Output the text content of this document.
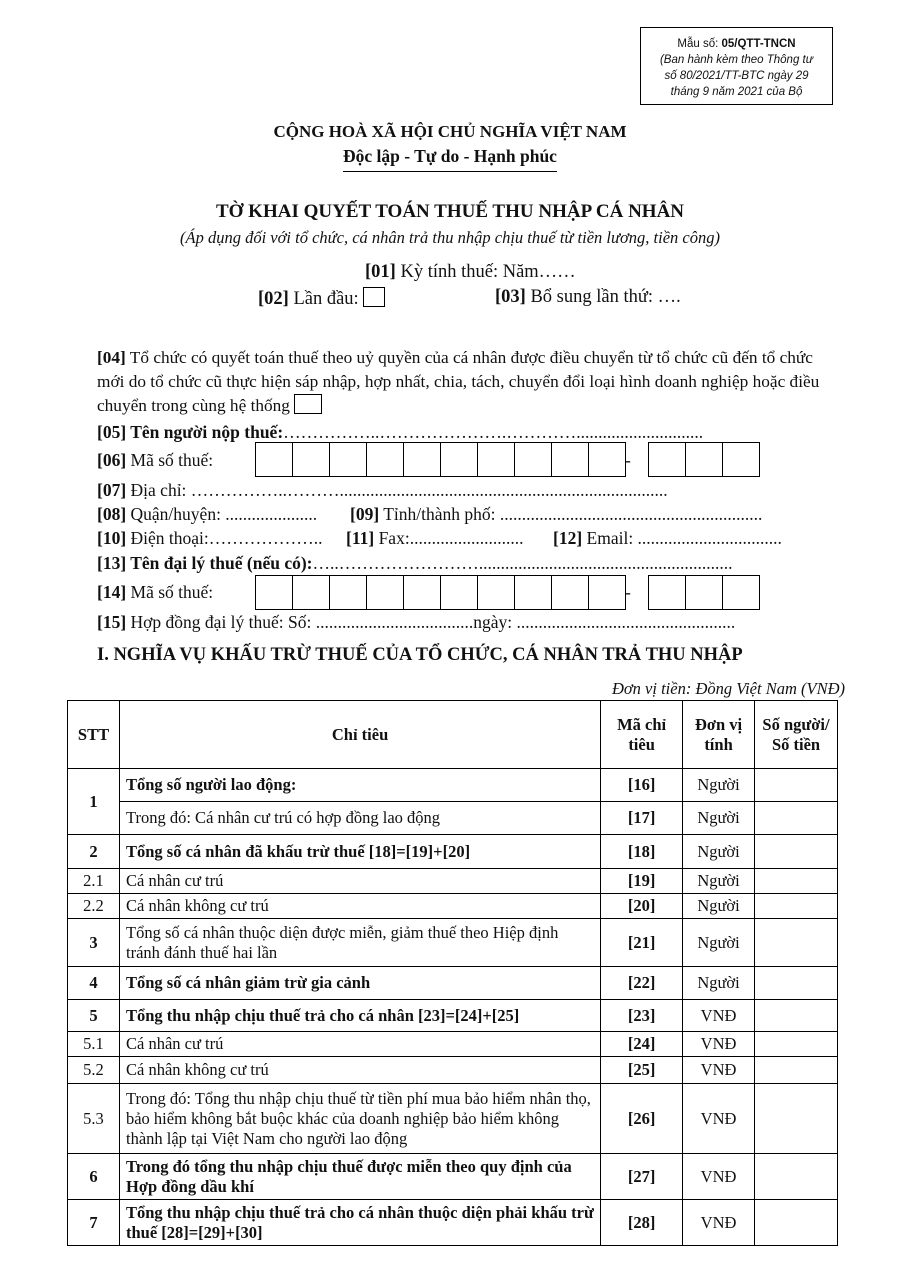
Mẫu số: 05/QTT-TNCN
(Ban hành kèm theo Thông tư
số 80/2021/TT-BTC ngày 29
tháng 9 năm 2021 của Bộ
CỘNG HOÀ XÃ HỘI CHỦ NGHĨA VIỆT NAM
Độc lập - Tự do - Hạnh phúc
TỜ KHAI QUYẾT TOÁN THUẾ THU NHẬP CÁ NHÂN
(Áp dụng đối với tổ chức, cá nhân trả thu nhập chịu thuế từ tiền lương, tiền công)
[01] Kỳ tính thuế: Năm……
[02] Lần đầu:	[03] Bổ sung lần thứ: ….
[04] Tổ chức có quyết toán thuế theo uỷ quyền của cá nhân được điều chuyển từ tổ chức cũ đến tổ chức mới do tổ chức cũ thực hiện sáp nhập, hợp nhất, chia, tách, chuyển đổi loại hình doanh nghiệp hoặc điều chuyển trong cùng hệ thống
[05] Tên người nộp thuế:……………..………………….………….............................
[06] Mã số thuế:	-
[07] Địa chỉ: ……………..………...........................................................................
[08] Quận/huyện: ..................... [09] Tỉnh/thành phố: ............................................................
[10] Điện thoại:……………….. [11] Fax:.......................... [12] Email: .................................
[13] Tên đại lý thuế (nếu có):…..……………………..........................................................
[14] Mã số thuế:	-
[15] Hợp đồng đại lý thuế: Số: ....................................ngày: ..................................................
I. NGHĨA VỤ KHẤU TRỪ THUẾ CỦA TỔ CHỨC, CÁ NHÂN TRẢ THU NHẬP
Đơn vị tiền: Đồng Việt Nam (VNĐ)
STT	Chỉ tiêu	Mã chỉ tiêu	Đơn vị tính	Số người/ Số tiền
1	Tổng số người lao động:	[16]	Người	
	Trong đó: Cá nhân cư trú có hợp đồng lao động	[17]	Người	
2	Tổng số cá nhân đã khấu trừ thuế [18]=[19]+[20]	[18]	Người	
2.1	Cá nhân cư trú	[19]	Người	
2.2	Cá nhân không cư trú	[20]	Người	
3	Tổng số cá nhân thuộc diện được miễn, giảm thuế theo Hiệp định tránh đánh thuế hai lần	[21]	Người	
4	Tổng số cá nhân giảm trừ gia cảnh	[22]	Người	
5	Tổng thu nhập chịu thuế trả cho cá nhân [23]=[24]+[25]	[23]	VNĐ	
5.1	Cá nhân cư trú	[24]	VNĐ	
5.2	Cá nhân không cư trú	[25]	VNĐ	
5.3	Trong đó: Tổng thu nhập chịu thuế từ tiền phí mua bảo hiểm nhân thọ, bảo hiểm không bắt buộc khác của doanh nghiệp bảo hiểm không thành lập tại Việt Nam cho người lao động	[26]	VNĐ	
6	Trong đó tổng thu nhập chịu thuế được miễn theo quy định của Hợp đồng dầu khí	[27]	VNĐ	
7	Tổng thu nhập chịu thuế trả cho cá nhân thuộc diện phải khấu trừ thuế [28]=[29]+[30]	[28]	VNĐ	
